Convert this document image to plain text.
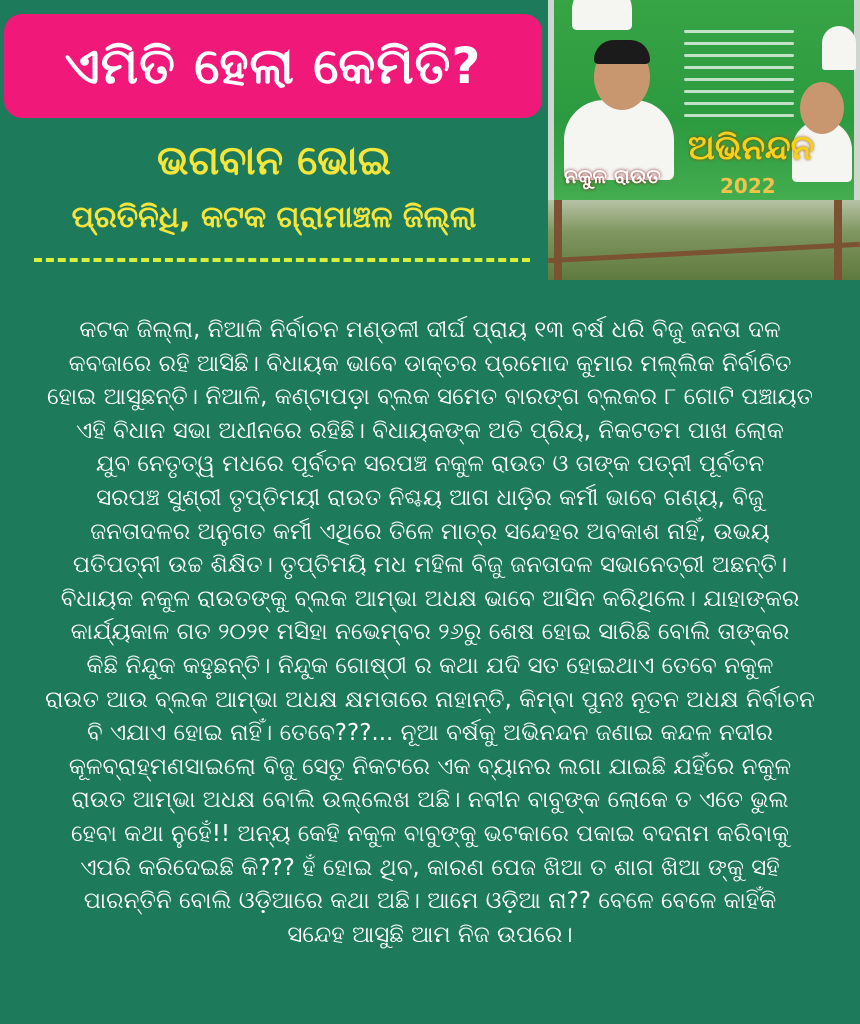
ଏମିତି ହେଲା କେମିତି?
ଭଗବାନ ଭୋଇ
ପ୍ରତିନିଧି, କଟକ ଗ୍ରାମାଞ୍ଚଳ ଜିଲ୍ଲା
ନକୁଳ ରାଉତ
ଅଭିନନ୍ଦନ
2022
କଟକ ଜିଲ୍ଲା, ନିଆଳି ନିର୍ବାଚନ ମଣ୍ଡଳୀ ଦୀର୍ଘ ପ୍ରାୟ ୧୩ ବର୍ଷ ଧରି ବିଜୁ ଜନତା ଦଳ
କବଜାରେ ରହି ଆସିଛି। ବିଧାୟକ ଭାବେ ଡାକ୍ତର ପ୍ରମୋଦ କୁମାର ମଲ୍ଲିକ ନିର୍ବାଚିତ
ହୋଇ ଆସୁଛନ୍ତି। ନିଆଳି, କଣ୍ଟାପଡ଼ା ବ୍ଲକ ସମେତ ବାରଙ୍ଗ ବ୍ଲକର ୮ ଗୋଟି ପଞ୍ଚାୟତ
ଏହି ବିଧାନ ସଭା ଅଧୀନରେ ରହିଛି। ବିଧାୟକଙ୍କ ଅତି ପ୍ରିୟ, ନିକଟତମ ପାଖ ଲୋକ
ଯୁବ ନେତୃତ୍ୱ ମଧରେ ପୂର୍ବତନ ସରପଞ୍ଚ ନକୁଳ ରାଉତ ଓ ତାଙ୍କ ପତ୍ନୀ ପୂର୍ବତନ
ସରପଞ୍ଚ ସୁଶ୍ରୀ ତୃପ୍ତିମୟୀ ରାଉତ ନିଶ୍ଚୟ ଆଗ ଧାଡ଼ିର କର୍ମୀ ଭାବେ ଗଣ୍ୟ, ବିଜୁ
ଜନତାଦଳର ଅନୁଗତ କର୍ମୀ ଏଥିରେ ତିଳେ ମାତ୍ର ସନ୍ଦେହର ଅବକାଶ ନାହିଁ, ଉଭୟ
ପତିପତ୍ନୀ ଉଚ୍ଚ ଶିକ୍ଷିତ। ତୃପ୍ତିମୟି ମଧ ମହିଳା ବିଜୁ ଜନତାଦଳ ସଭାନେତ୍ରୀ ଅଛନ୍ତି।
ବିଧାୟକ ନକୁଳ ରାଉତଙ୍କୁ ବ୍ଲକ ଆମ୍ଭା ଅଧକ୍ଷ ଭାବେ ଆସିନ କରିଥିଲେ। ଯାହାଙ୍କର
କାର୍ଯ୍ୟକାଳ ଗତ ୨୦୨୧ ମସିହା ନଭେମ୍ବର ୨୬ରୁ ଶେଷ ହୋଇ ସାରିଛି ବୋଲି ତାଙ୍କର
କିଛି ନିନ୍ଦୁକ କହୁଛନ୍ତି। ନିନ୍ଦୁକ ଗୋଷ୍ଠୀ ର କଥା ଯଦି ସତ ହୋଇଥାଏ ତେବେ ନକୁଳ
ରାଉତ ଆଉ ବ୍ଲକ ଆମ୍ଭା ଅଧକ୍ଷ କ୍ଷମତାରେ ନାହାନ୍ତି, କିମ୍ବା ପୁନଃ ନୂତନ ଅଧକ୍ଷ ନିର୍ବାଚନ
ବି ଏଯାଏ ହୋଇ ନାହିଁ। ତେବେ???... ନୂଆ ବର୍ଷକୁ ଅଭିନନ୍ଦନ ଜଣାଇ କନ୍ଦଳ ନଦୀର
କୂଳବ୍ରାହ୍ମଣସାଇଲୋ ବିଜୁ ସେତୁ ନିକଟରେ ଏକ ବ୍ୟାନର ଲଗା ଯାଇଛି ଯହିଁରେ ନକୁଳ
ରାଉତ ଆମ୍ଭା ଅଧକ୍ଷ ବୋଲି ଉଲ୍ଲେଖ ଅଛି। ନବୀନ ବାବୁଙ୍କ ଲୋକେ ତ ଏତେ ଭୁଲ
ହେବା କଥା ନୁହେଁ!! ଅନ୍ୟ କେହି ନକୁଳ ବାବୁଙ୍କୁ ଭଟକାରେ ପକାଇ ବଦନାମ କରିବାକୁ
ଏପରି କରିଦେଇଛି କି??? ହଁ ହୋଇ ଥିବ, କାରଣ ପେଜ ଖିଆ ତ ଶାଗ ଖିଆ ଙ୍କୁ ସହି
ପାରନ୍ତିନି ବୋଲି ଓଡ଼ିଆରେ କଥା ଅଛି। ଆମେ ଓଡ଼ିଆ ନା?? ବେଳେ ବେଳେ କାହିଁକି
ସନ୍ଦେହ ଆସୁଛି ଆମ ନିଜ ଉପରେ।
